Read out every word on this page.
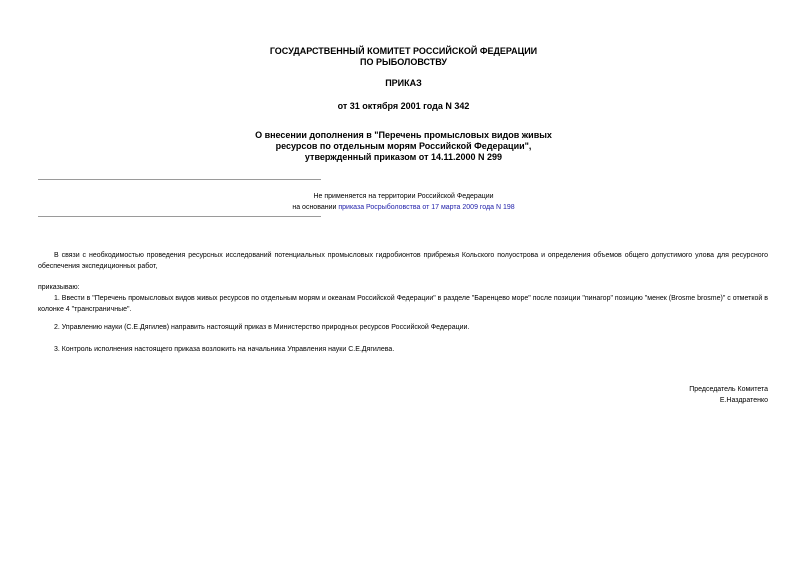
ГОСУДАРСТВЕННЫЙ КОМИТЕТ РОССИЙСКОЙ ФЕДЕРАЦИИ
ПО РЫБОЛОВСТВУ
ПРИКАЗ
от 31 октября 2001 года N 342
О внесении дополнения в "Перечень промысловых видов живых
ресурсов по отдельным морям Российской Федерации",
утвержденный приказом от 14.11.2000 N 299
Не применяется на территории Российской Федерации
на основании приказа Росрыболовства от 17 марта 2009 года N 198
В связи с необходимостью проведения ресурсных исследований потенциальных промысловых гидробионтов прибрежья Кольского полуострова и определения объемов общего допустимого улова для ресурсного обеспечения экспедиционных работ,
приказываю:
1. Ввести в "Перечень промысловых видов живых ресурсов по отдельным морям и океанам Российской Федерации" в разделе "Баренцево море" после позиции "пинагор" позицию "менек (Brosme brosme)" с отметкой в колонке 4 "трансграничные".
2. Управлению науки (С.Е.Дягилев) направить настоящий приказ в Министерство природных ресурсов Российской Федерации.
3. Контроль исполнения настоящего приказа возложить на начальника Управления науки С.Е.Дягилева.
Председатель Комитета
Е.Наздратенко
